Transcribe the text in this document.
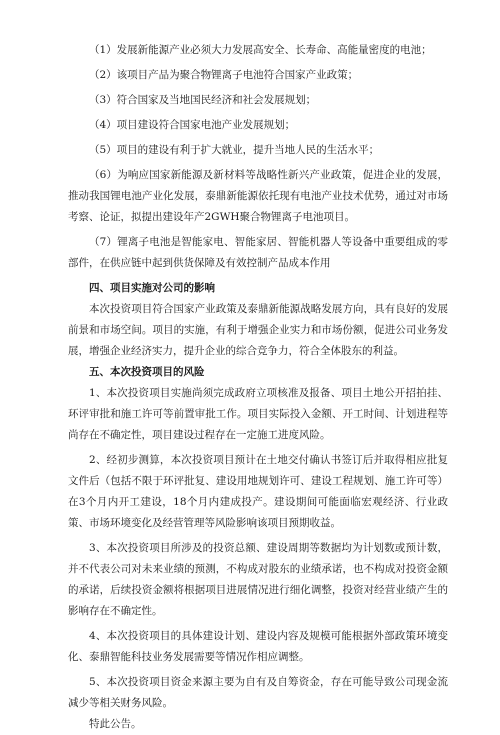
（1）发展新能源产业必须大力发展高安全、长寿命、高能量密度的电池；

（2）该项目产品为聚合物锂离子电池符合国家产业政策；

（3）符合国家及当地国民经济和社会发展规划；

（4）项目建设符合国家电池产业发展规划；

（5）项目的建设有利于扩大就业，提升当地人民的生活水平；

（6）为响应国家新能源及新材料等战略性新兴产业政策，促进企业的发展，推动我国锂电池产业化发展，泰鼎新能源依托现有电池产业技术优势，通过对市场考察、论证，拟提出建设年产2GWH聚合物锂离子电池项目。

（7）锂离子电池是智能家电、智能家居、智能机器人等设备中重要组成的零部件，在供应链中起到供货保障及有效控制产品成本作用

四、项目实施对公司的影响

本次投资项目符合国家产业政策及泰鼎新能源战略发展方向，具有良好的发展前景和市场空间。项目的实施，有利于增强企业实力和市场份额，促进公司业务发展，增强企业经济实力，提升企业的综合竞争力，符合全体股东的利益。

五、本次投资项目的风险

1、本次投资项目实施尚须完成政府立项核准及报备、项目土地公开招拍挂、环评审批和施工许可等前置审批工作。项目实际投入金额、开工时间、计划进程等尚存在不确定性，项目建设过程存在一定施工进度风险。

2、经初步测算，本次投资项目预计在土地交付确认书签订后并取得相应批复文件后（包括不限于环评批复、建设用地规划许可、建设工程规划、施工许可等）在3个月内开工建设，18个月内建成投产。建设期间可能面临宏观经济、行业政策、市场环境变化及经营管理等风险影响该项目预期收益。

3、本次投资项目所涉及的投资总额、建设周期等数据均为计划数或预计数，并不代表公司对未来业绩的预测，不构成对股东的业绩承诺，也不构成对投资金额的承诺，后续投资金额将根据项目进展情况进行细化调整，投资对经营业绩产生的影响存在不确定性。

4、本次投资项目的具体建设计划、建设内容及规模可能根据外部政策环境变化、泰鼎智能科技业务发展需要等情况作相应调整。

5、本次投资项目资金来源主要为自有及自筹资金，存在可能导致公司现金流减少等相关财务风险。

特此公告。
